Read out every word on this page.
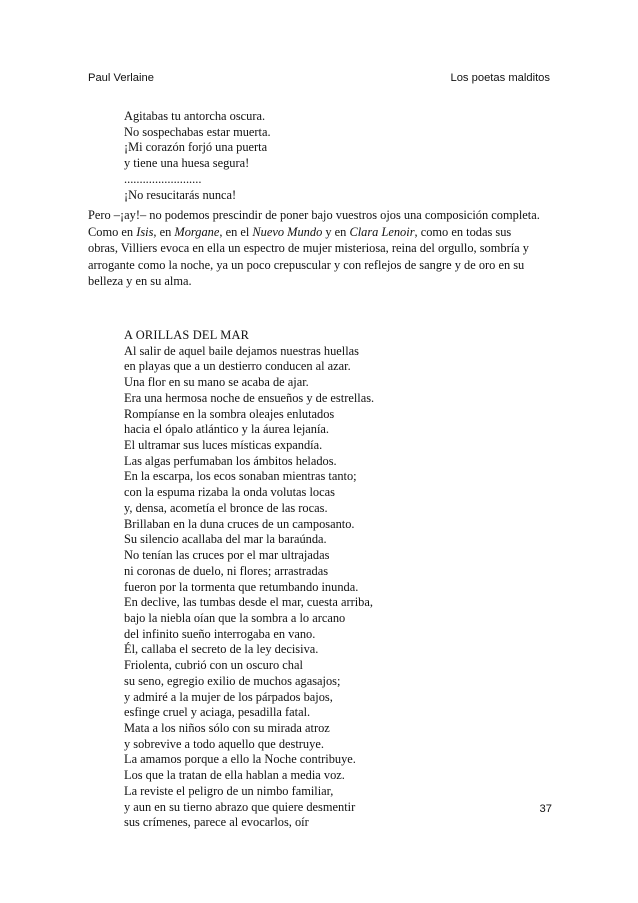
Paul Verlaine	Los poetas malditos
Agitabas tu antorcha oscura.
No sospechabas estar muerta.
¡Mi corazón forjó una puerta
y tiene una huesa segura!
.........................
¡No resucitarás nunca!
Pero –¡ay!– no podemos prescindir de poner bajo vuestros ojos una composición completa.
Como en Isis, en Morgane, en el Nuevo Mundo y en Clara Lenoir, como en todas sus
obras, Villiers evoca en ella un espectro de mujer misteriosa, reina del orgullo, sombría y
arrogante como la noche, ya un poco crepuscular y con reflejos de sangre y de oro en su
belleza y en su alma.
A ORILLAS DEL MAR
Al salir de aquel baile dejamos nuestras huellas
en playas que a un destierro conducen al azar.
Una flor en su mano se acaba de ajar.
Era una hermosa noche de ensueños y de estrellas.
Rompíanse en la sombra oleajes enlutados
hacia el ópalo atlántico y la áurea lejanía.
El ultramar sus luces místicas expandía.
Las algas perfumaban los ámbitos helados.
En la escarpa, los ecos sonaban mientras tanto;
con la espuma rizaba la onda volutas locas
y, densa, acometía el bronce de las rocas.
Brillaban en la duna cruces de un camposanto.
Su silencio acallaba del mar la baraúnda.
No tenían las cruces por el mar ultrajadas
ni coronas de duelo, ni flores; arrastradas
fueron por la tormenta que retumbando inunda.
En declive, las tumbas desde el mar, cuesta arriba,
bajo la niebla oían que la sombra a lo arcano
del infinito sueño interrogaba en vano.
Él, callaba el secreto de la ley decisiva.
Friolenta, cubrió con un oscuro chal
su seno, egregio exilio de muchos agasajos;
y admiré a la mujer de los párpados bajos,
esfinge cruel y aciaga, pesadilla fatal.
Mata a los niños sólo con su mirada atroz
y sobrevive a todo aquello que destruye.
La amamos porque a ello la Noche contribuye.
Los que la tratan de ella hablan a media voz.
La reviste el peligro de un nimbo familiar,
y aun en su tierno abrazo que quiere desmentir
sus crímenes, parece al evocarlos, oír
37
